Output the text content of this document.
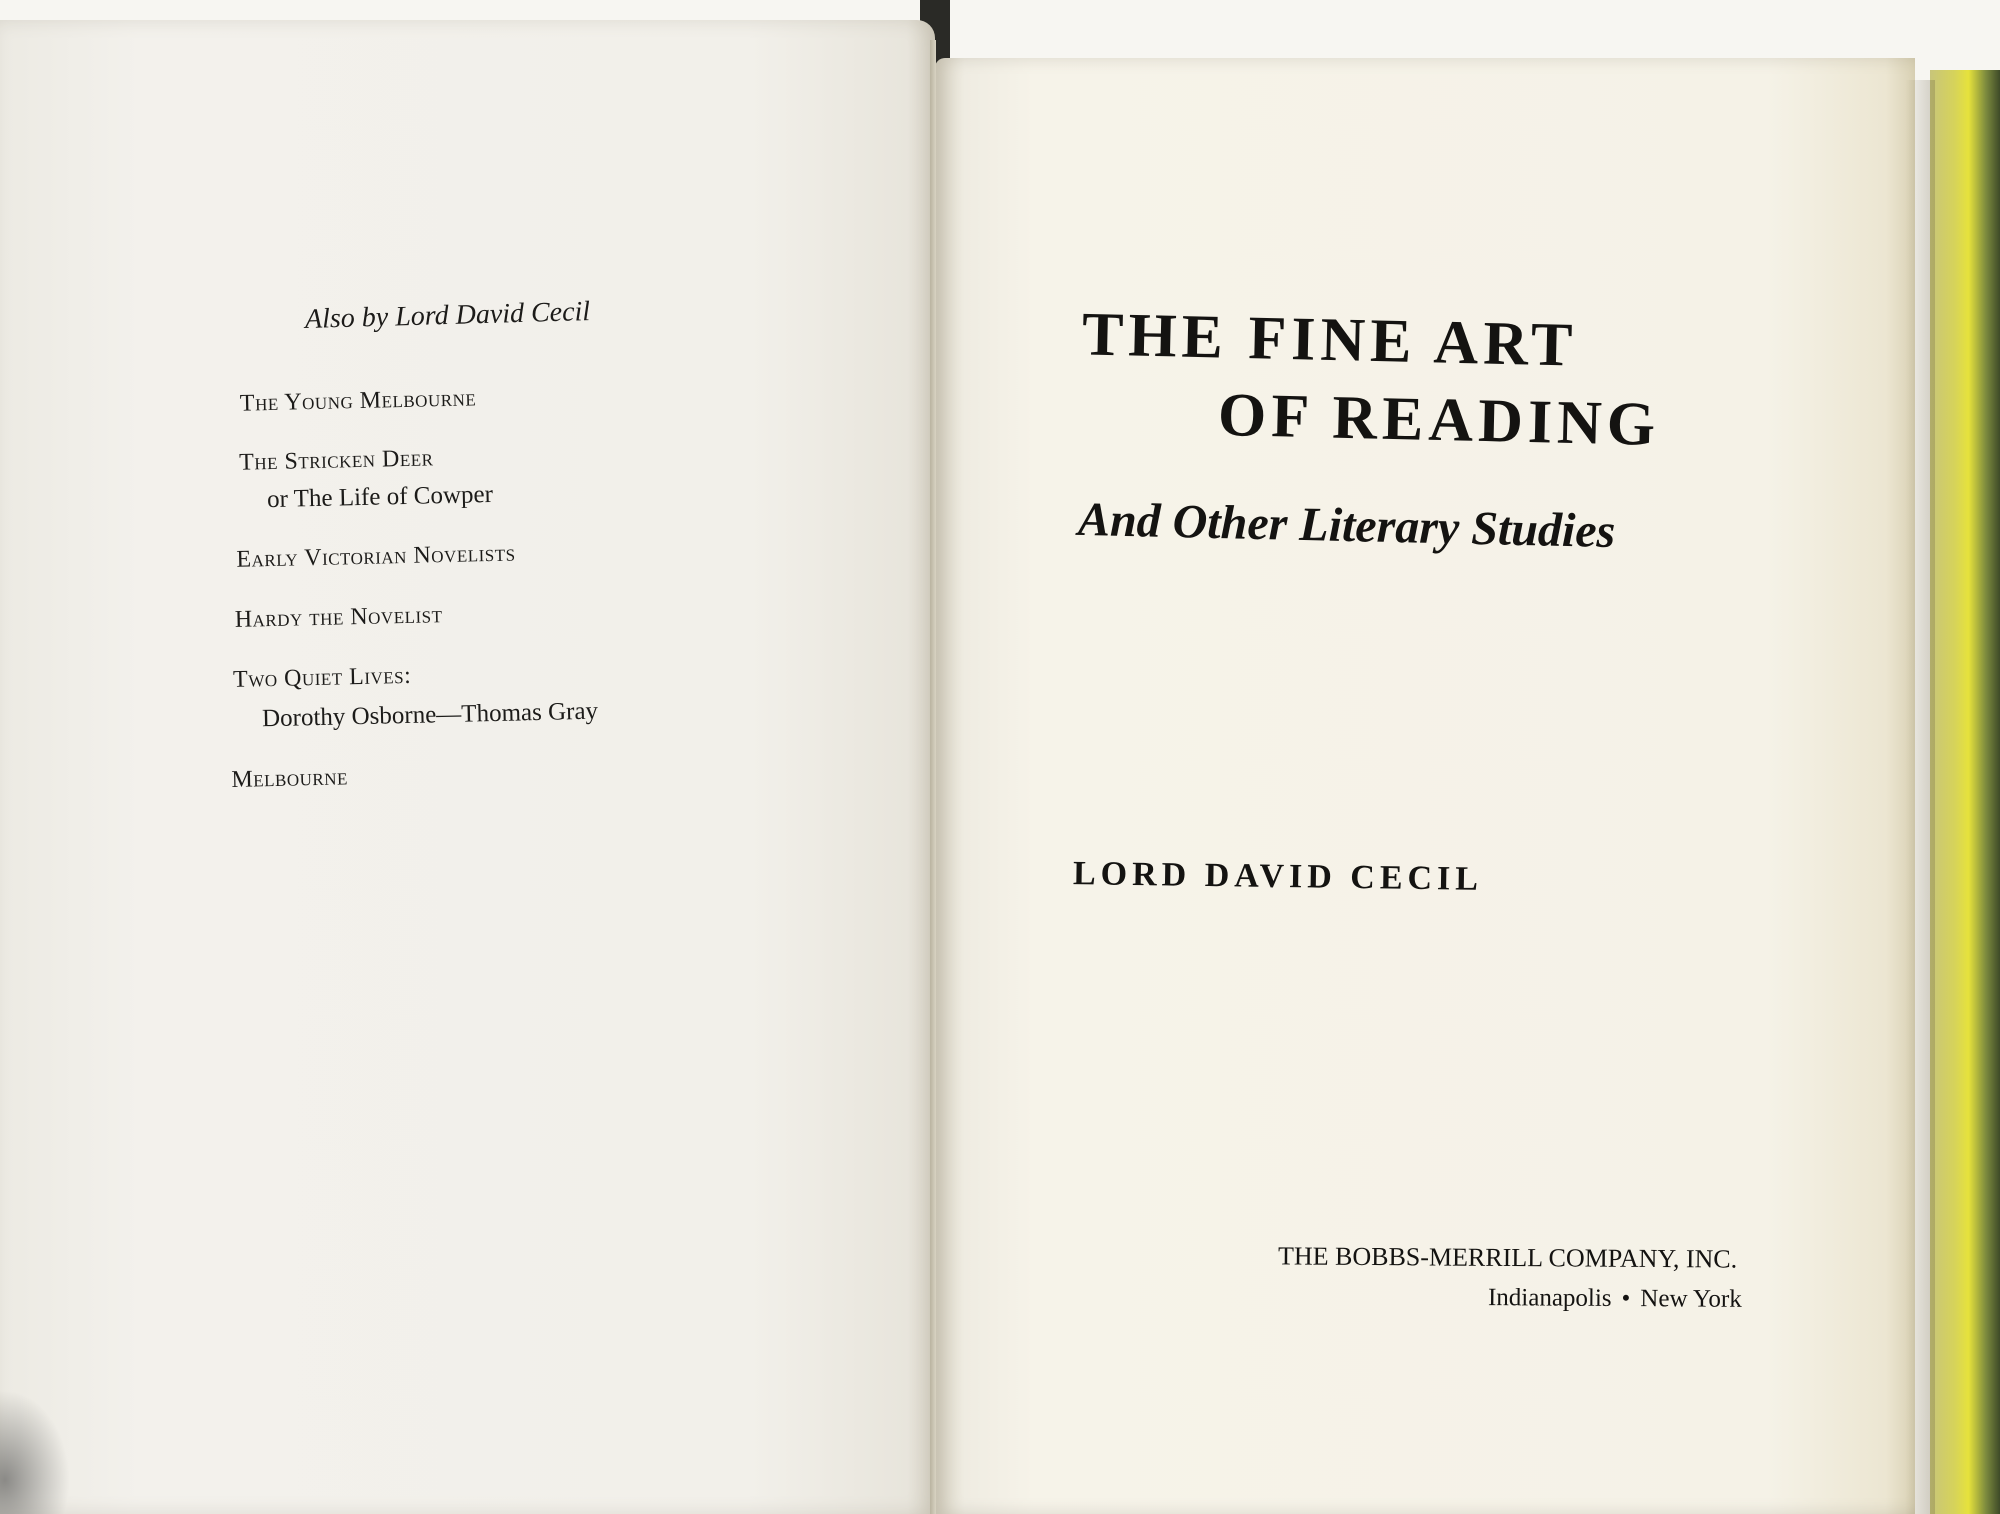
Also by Lord David Cecil

The Young Melbourne
The Stricken Deer
or The Life of Cowper
Early Victorian Novelists
Hardy the Novelist
Two Quiet Lives:
Dorothy Osborne—Thomas Gray
Melbourne

THE FINE ART

OF READING

And Other Literary Studies

LORD DAVID CECIL

THE BOBBS-MERRILL COMPANY, INC.

Indianapolis • New York
